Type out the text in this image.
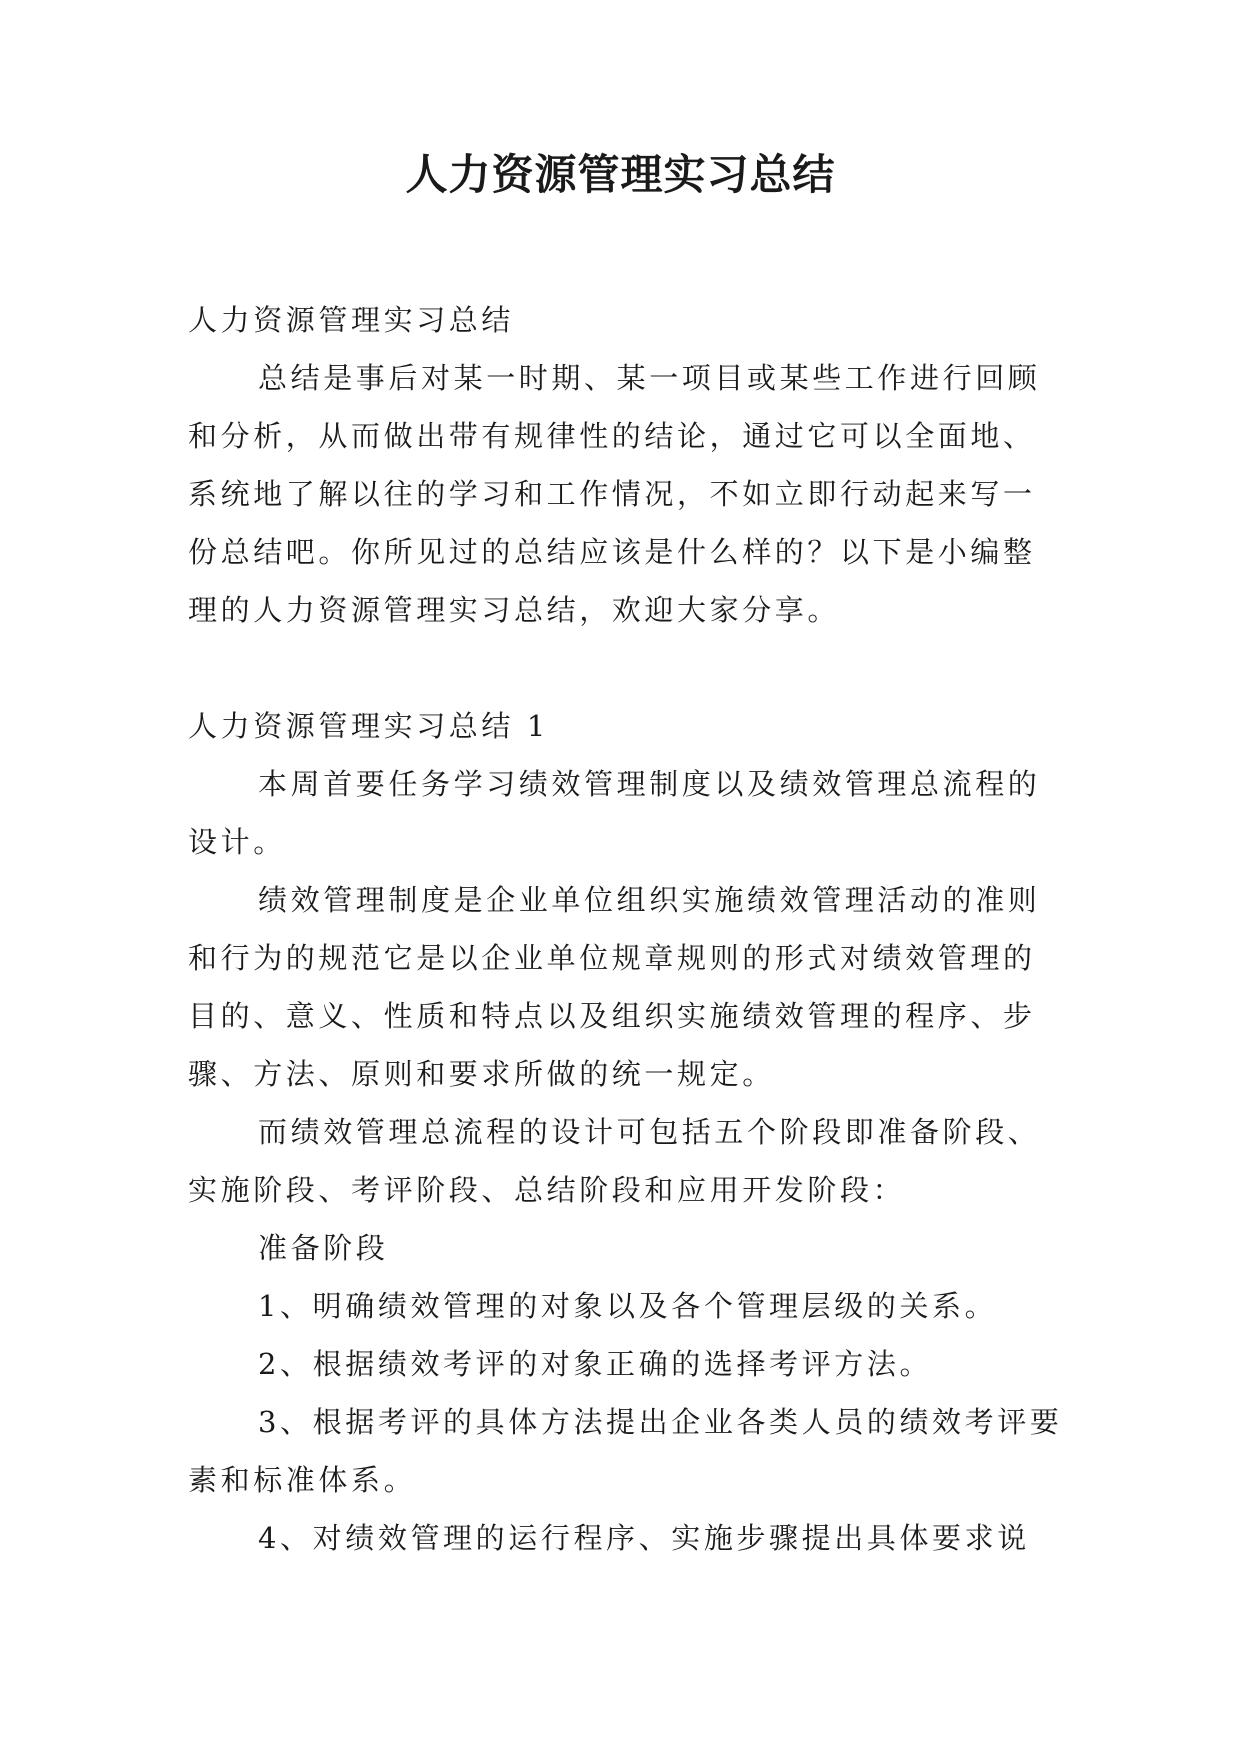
人力资源管理实习总结

人力资源管理实习总结

总结是事后对某一时期、某一项目或某些工作进行回顾和分析，从而做出带有规律性的结论，通过它可以全面地、系统地了解以往的学习和工作情况，不如立即行动起来写一份总结吧。你所见过的总结应该是什么样的？以下是小编整理的人力资源管理实习总结，欢迎大家分享。

人力资源管理实习总结 1

本周首要任务学习绩效管理制度以及绩效管理总流程的设计。

绩效管理制度是企业单位组织实施绩效管理活动的准则和行为的规范它是以企业单位规章规则的形式对绩效管理的目的、意义、性质和特点以及组织实施绩效管理的程序、步骤、方法、原则和要求所做的统一规定。

而绩效管理总流程的设计可包括五个阶段即准备阶段、实施阶段、考评阶段、总结阶段和应用开发阶段：

准备阶段

1、明确绩效管理的对象以及各个管理层级的关系。

2、根据绩效考评的对象正确的选择考评方法。

3、根据考评的具体方法提出企业各类人员的绩效考评要素和标准体系。

4、对绩效管理的运行程序、实施步骤提出具体要求说
